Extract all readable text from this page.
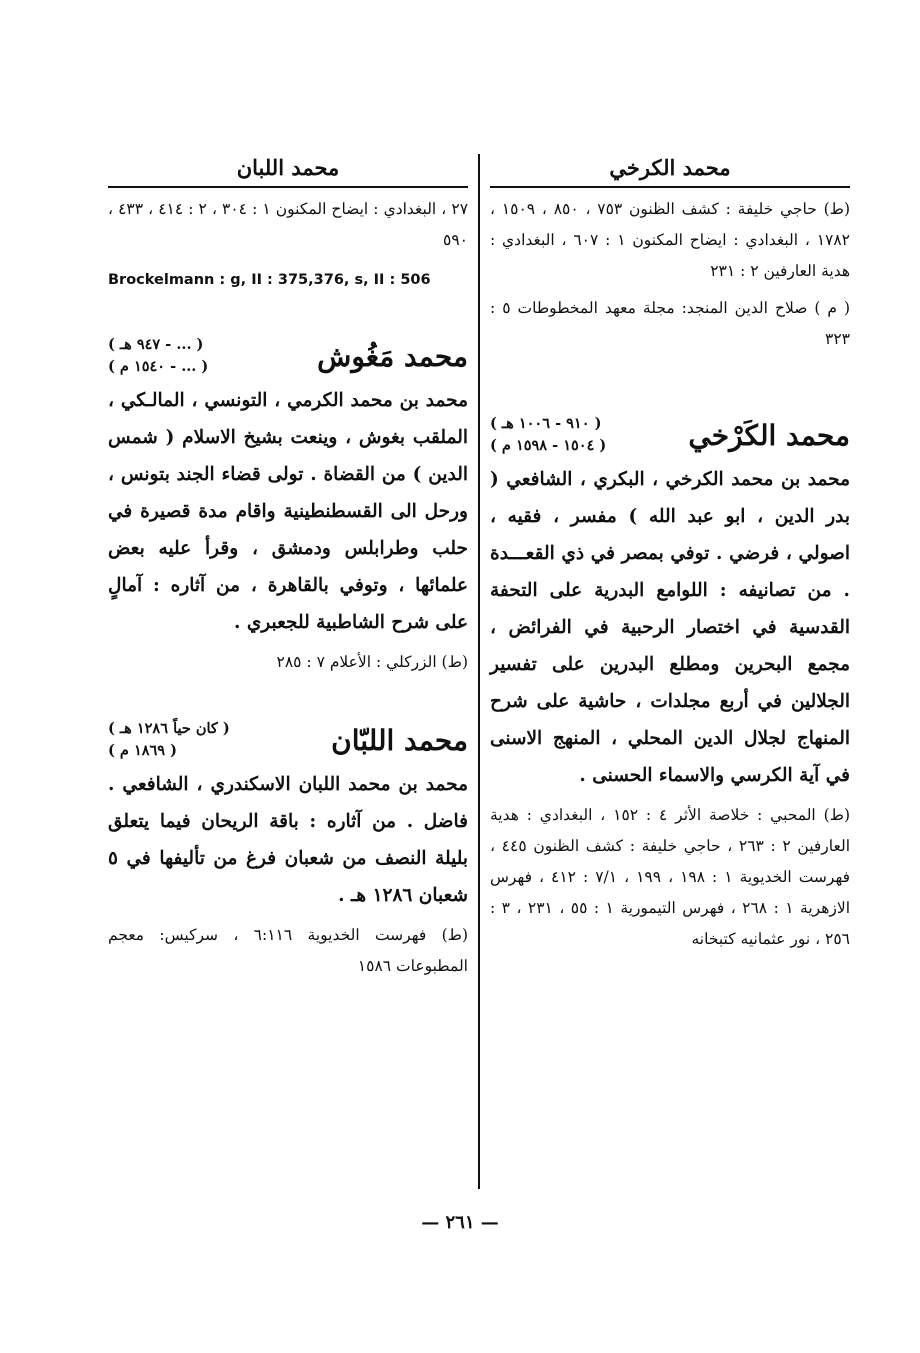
محمد الكرخي

(ط) حاجي خليفة : كشف الظنون ٧٥٣ ، ٨٥٠ ، ١٥٠٩ ، ١٧٨٢ ، البغدادي : ايضاح المكنون ١ : ٦٠٧ ، البغدادي : هدية العارفين ٢ : ٢٣١

( م ) صلاح الدين المنجد: مجلة معهد المخطوطات ٥ : ٣٢٣

محمد الكَرْخي
( ٩١٠ - ١٠٠٦ هـ )
( ١٥٠٤ - ١٥٩٨ م )

محمد بن محمد الكرخي ، البكري ، الشافعي ( بدر الدين ، ابو عبد الله ) مفسر ، فقيه ، اصولي ، فرضي . توفي بمصر في ذي القعـــدة . من تصانيفه : اللوامع البدرية على التحفة القدسية في اختصار الرحبية في الفرائض ، مجمع البحرين ومطلع البدرين على تفسير الجلالين في أربع مجلدات ، حاشية على شرح المنهاج لجلال الدين المحلي ، المنهج الاسنى في آية الكرسي والاسماء الحسنى .

(ط) المحبي : خلاصة الأثر ٤ : ١٥٢ ، البغدادي : هدية العارفين ٢ : ٢٦٣ ، حاجي خليفة : كشف الظنون ٤٤٥ ، فهرست الخديوية ١ : ١٩٨ ، ١٩٩ ، ٧/١ : ٤١٢ ، فهرس الازهرية ١ : ٢٦٨ ، فهرس التيمورية ١ : ٥٥ ، ٢٣١ ، ٣ : ٢٥٦ ، نور عثمانيه كتبخانه

محمد اللبان

٢٧ ، البغدادي : ايضاح المكنون ١ : ٣٠٤ ، ٢ : ٤١٤ ، ٤٣٣ ، ٥٩٠

Brockelmann : g, II : 375,376, s, II : 506

محمد مَغُوش
( ... - ٩٤٧ هـ )
( ... - ١٥٤٠ م )

محمد بن محمد الكرمي ، التونسي ، المالـكي ، الملقب بغوش ، وينعت بشيخ الاسلام ( شمس الدين ) من القضاة . تولى قضاء الجند بتونس ، ورحل الى القسطنطينية واقام مدة قصيرة في حلب وطرابلس ودمشق ، وقرأ عليه بعض علمائها ، وتوفي بالقاهرة ، من آثاره : آمالٍ على شرح الشاطبية للجعبري .

(ط) الزركلي : الأعلام ٧ : ٢٨٥

محمد اللبّان
( كان حياً ١٢٨٦ هـ )
( ١٨٦٩ م )

محمد بن محمد اللبان الاسكندري ، الشافعي . فاضل . من آثاره : باقة الريحان فيما يتعلق بليلة النصف من شعبان فرغ من تأليفها في ٥ شعبان ١٢٨٦ هـ .

(ط) فهرست الخديوية ٦:١١٦ ، سركيس: معجم المطبوعات ١٥٨٦

— ٢٦١ —
